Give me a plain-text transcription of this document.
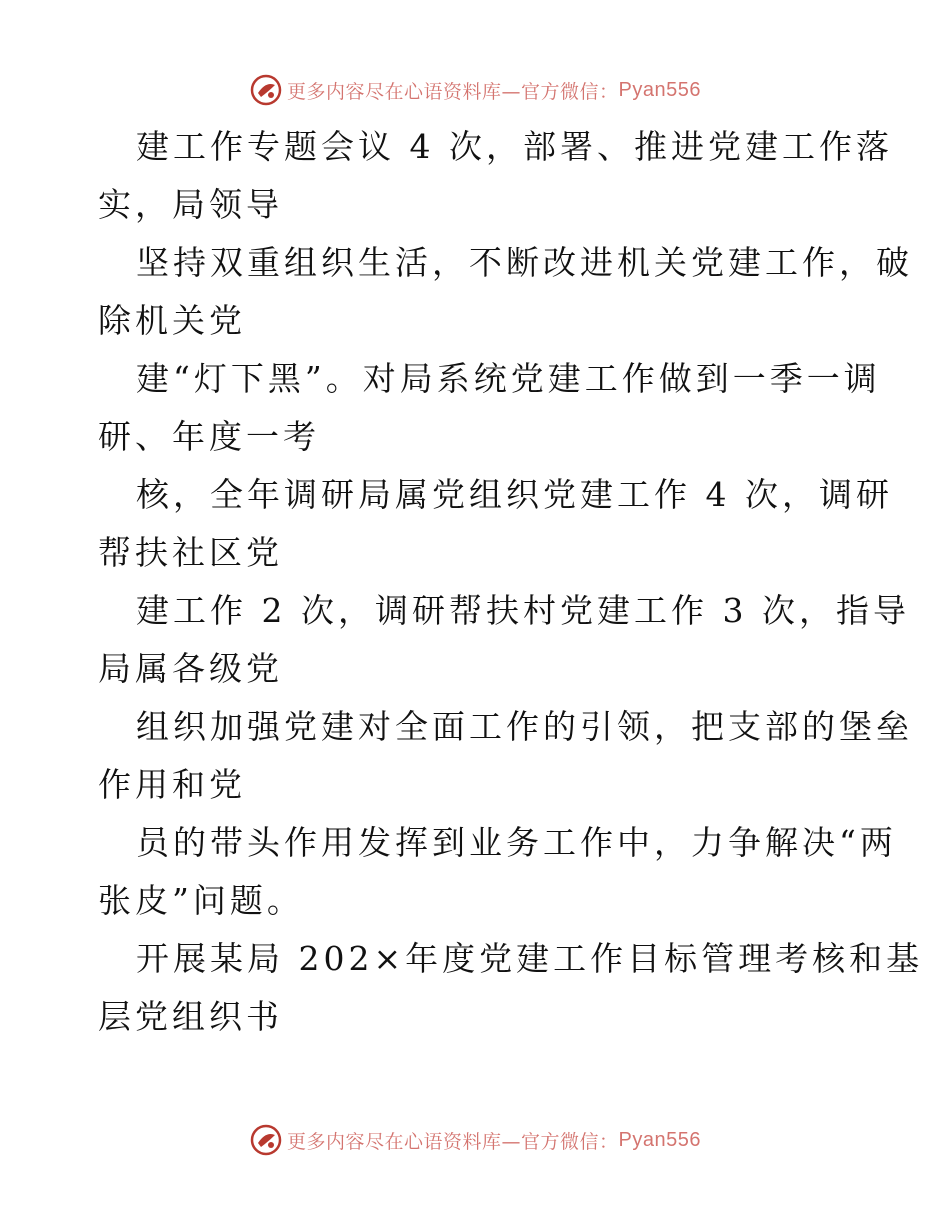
更多内容尽在心语资料库—官方微信： Pyan556

建工作专题会议 4 次，部署、推进党建工作落

实，局领导

坚持双重组织生活，不断改进机关党建工作，破

除机关党

建“灯下黑”。对局系统党建工作做到一季一调

研、年度一考

核，全年调研局属党组织党建工作 4 次，调研

帮扶社区党

建工作 2 次，调研帮扶村党建工作 3 次，指导

局属各级党

组织加强党建对全面工作的引领，把支部的堡垒

作用和党

员的带头作用发挥到业务工作中，力争解决“两

张皮”问题。

开展某局 202×年度党建工作目标管理考核和基

层党组织书

更多内容尽在心语资料库—官方微信： Pyan556
